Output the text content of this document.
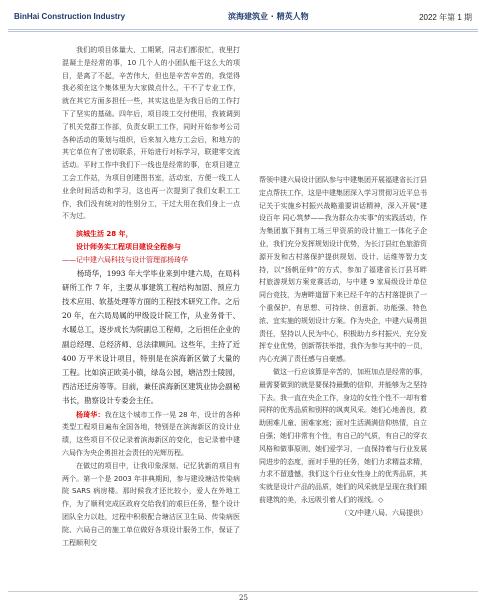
BinHai Construction Industry	滨海建筑业 · 精英人物	2022 年第 1 期

我们的项目体量大，工期紧，同志们都很忙，夜里打混凝土是经常的事，10 几个人的小团队能干这么大的项目，是离了不起，辛苦伟大，但也是辛苦辛苦的，我觉得我必须在这个集体里为大家做点什么，干不了专业工作，就在其它方面多担任一些，其实这也是为我日后的工作打下了坚实的基础。四年后，项目竣工交付使用，我被调到了机关党群工作部，负责女职工工作，同时开始参考公司各种活动的策划与组织，后来加入地方工会后，和地方的其它单位有了密切联系，开始进行对标学习，联建零交流活动。平时工作中我们下一线也是经常的事，在项目建立工会工作站，为项目创建图书室，活动室，方便一线工人业余时间活动和学习，这也再一次提到了我们女职工工作，我们没有统对的性别分工，干过大用在我们身上一点不为过。

滨城生活 28 年，

设计师务实工程项目建设全程参与

——记中建六局科技与设计管理部杨琦华

杨琦华，1993 年大学毕业来到中建六局，在局科研所工作 7 年，主要从事建筑工程结构加固、预应力技术应用、软基处理等方面的工程技术研究工作。之后 20 年，在六局局属的甲级设计院工作，从业务骨干、水暖总工，逐步成长为院副总工程师，之后担任企业的副总经理、总经济师、总法律顾问。这些年，主持了近 400 万平米设计项目，特别是在滨海新区做了大量的工程。比如滨正欧美小镇，绿岛公园，塘沽烈士陵园，西沽还迁房等等。目前，兼任滨海新区建筑业协会副秘书长，勘察设计专委会主任。

杨琦华：我在这个城市工作一晃 28 年，设计的各种类型工程项目遍布全国各地，特别是在滨海新区的设计业绩，这些项目不仅记录着滨海新区的变化，也记录着中建六局作为央企勇担社会责任的光辉历程。

在做过的项目中，让我印象深刻、记忆犹新的项目有两个。第一个是 2003 年非典期间，参与建设塘沽传染病院 SARS 病房楼。那时候我才还比较小，爱人在外地工作，为了顺利完成区政府交给我们的艰巨任务，整个设计团队全力以赴，过程中积极配合塘沽区卫生局、传染病医院、六局自己的施工单位做好各项设计服务工作，保证了工程顺利交

帮领中建六局设计团队参与中建集团开展福建省长汀县定点帮扶工作，这是中建集团深入学习贯彻习近平总书记关于实施乡村振兴战略重要讲话精神，深入开展“建设百年 同心筑梦——我为群众办实事”的实践活动，作为集团旗下拥有工场三甲资质的设计施工一体化子企业，我们充分发挥规划设计优势，为长汀县红色旅游资源开发和古村落保护提供规划、设计、运维等智力支持，以“扬帆征帅”的方式，参加了福建省长汀县耳畔村旅游规划方案竞赛活动，与中建 9 家局级设计单位同台竞技，为唐畔道留下来已经千年的古村落提供了一个重保护、有思想、可持续、创意新、功能强、特色浓、宜实施的规划设计方案。作为央企，中建六局勇担责任，坚持以人民为中心，积极助力乡村振兴，充分发挥专业优势，创新帮扶举措，我作为参与其中的一员，内心充满了责任感与自豪感。

做这一行应该算是辛苦的，加班加点是经常的事，最需要做到的就是要保持最勤的信仰，并能够为之坚持下去。我一直在央企工作，身边的女性个性不一却有着同样的优秀品质和别样的飒爽风采。她们心地善良，救助困难儿童、困难家庭；面对生活满满信仰热情，自立自强；她们非常有个性，有自己的气质，有自己的穿衣风格和做事原则，她们爱学习，一直保持着与行业发展同进步的态度，面对手里的任务，她们力求精益求精，力求不留遗憾，我们这个行业女性身上的优秀品质，其实就是设计产品的品质，她们的风采就是呈现在我们眼前建筑的美，永远吸引着人们的视线。◇

（文/中建八局、六局提供）

25
